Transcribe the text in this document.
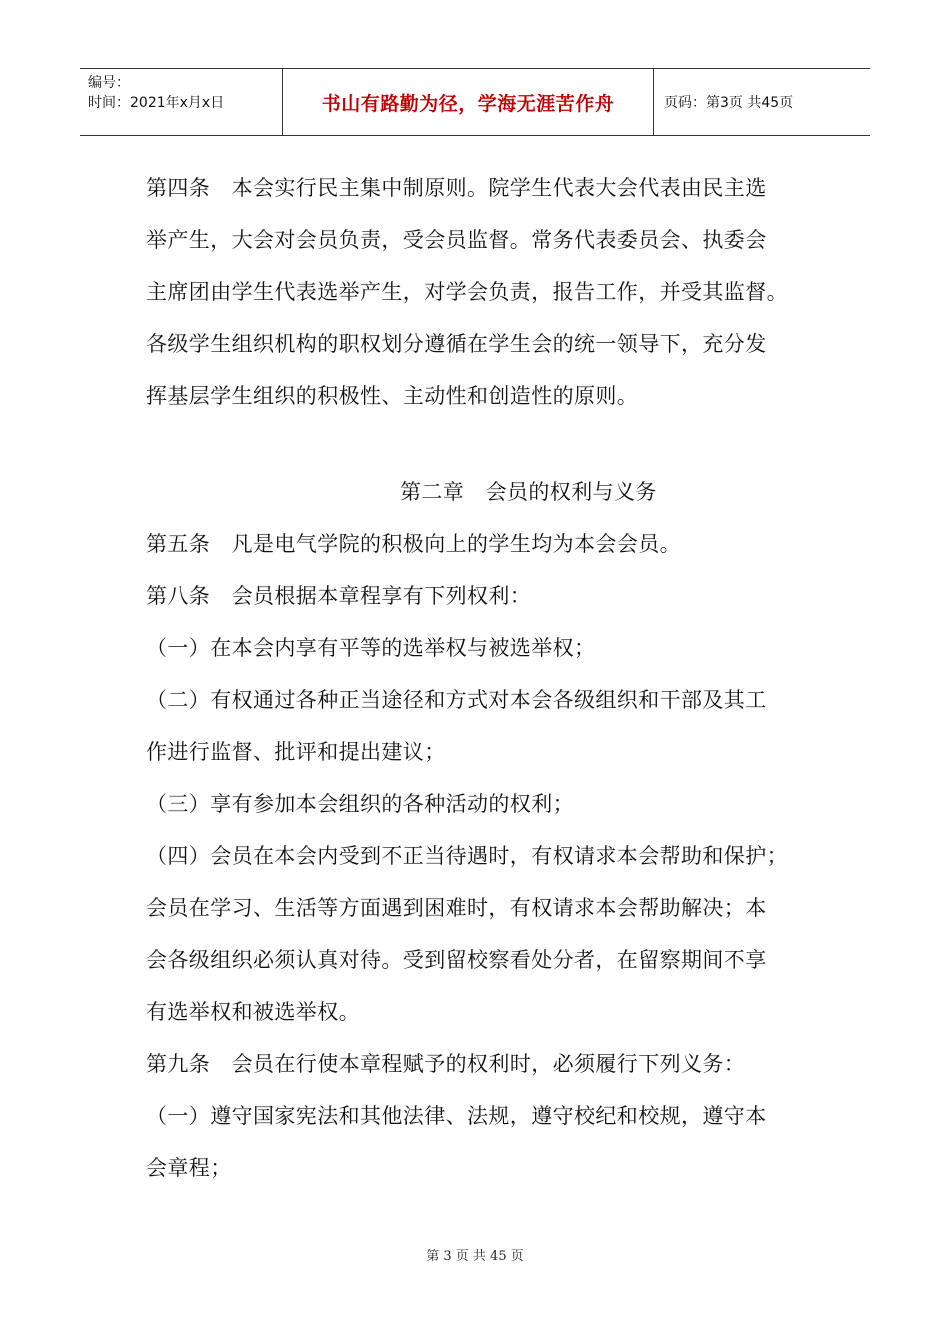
编号：
时间：2021年x月x日	书山有路勤为径，学海无涯苦作舟	页码：第3页 共45页

第四条　本会实行民主集中制原则。院学生代表大会代表由民主选

举产生，大会对会员负责，受会员监督。常务代表委员会、执委会

主席团由学生代表选举产生，对学会负责，报告工作，并受其监督。

各级学生组织机构的职权划分遵循在学生会的统一领导下，充分发

挥基层学生组织的积极性、主动性和创造性的原则。

第二章　会员的权利与义务

第五条　凡是电气学院的积极向上的学生均为本会会员。

第八条　会员根据本章程享有下列权利：

（一）在本会内享有平等的选举权与被选举权；

（二）有权通过各种正当途径和方式对本会各级组织和干部及其工

作进行监督、批评和提出建议；

（三）享有参加本会组织的各种活动的权利；

（四）会员在本会内受到不正当待遇时，有权请求本会帮助和保护；

会员在学习、生活等方面遇到困难时，有权请求本会帮助解决；本

会各级组织必须认真对待。受到留校察看处分者，在留察期间不享

有选举权和被选举权。

第九条　会员在行使本章程赋予的权利时，必须履行下列义务：

（一）遵守国家宪法和其他法律、法规，遵守校纪和校规，遵守本

会章程；

第 3 页 共 45 页
